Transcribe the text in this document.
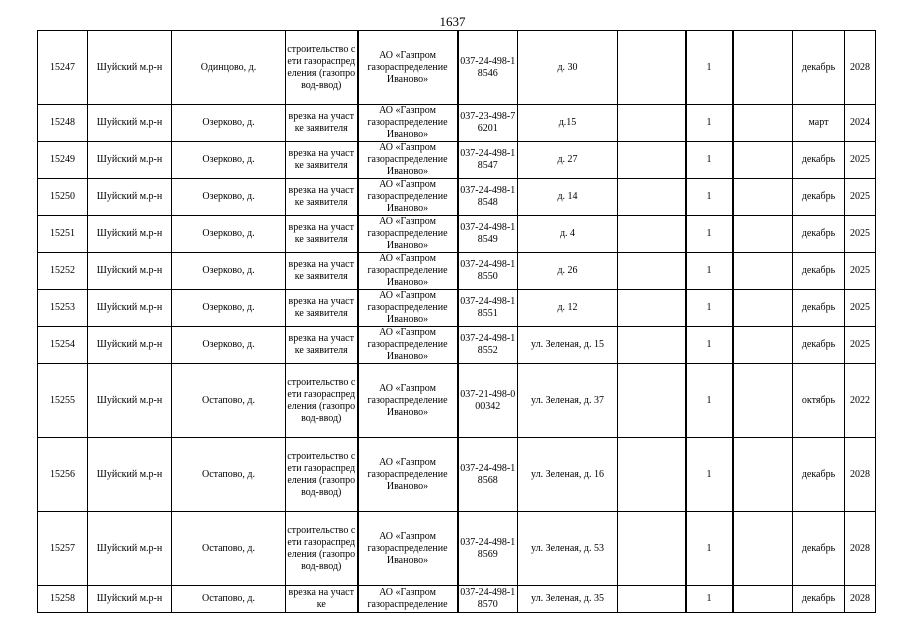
1637
15247	Шуйский м.р-н	Одинцово, д.	строительство сети газораспределения (газопровод-ввод)	АО «Газпром газораспределение Иваново»	037-24-498-18546	д. 30		1		декабрь	2028
15248	Шуйский м.р-н	Озерково, д.	врезка на участке заявителя	АО «Газпром газораспределение Иваново»	037-23-498-76201	д.15		1		март	2024
15249	Шуйский м.р-н	Озерково, д.	врезка на участке заявителя	АО «Газпром газораспределение Иваново»	037-24-498-18547	д. 27		1		декабрь	2025
15250	Шуйский м.р-н	Озерково, д.	врезка на участке заявителя	АО «Газпром газораспределение Иваново»	037-24-498-18548	д. 14		1		декабрь	2025
15251	Шуйский м.р-н	Озерково, д.	врезка на участке заявителя	АО «Газпром газораспределение Иваново»	037-24-498-18549	д. 4		1		декабрь	2025
15252	Шуйский м.р-н	Озерково, д.	врезка на участке заявителя	АО «Газпром газораспределение Иваново»	037-24-498-18550	д. 26		1		декабрь	2025
15253	Шуйский м.р-н	Озерково, д.	врезка на участке заявителя	АО «Газпром газораспределение Иваново»	037-24-498-18551	д. 12		1		декабрь	2025
15254	Шуйский м.р-н	Озерково, д.	врезка на участке заявителя	АО «Газпром газораспределение Иваново»	037-24-498-18552	ул. Зеленая, д. 15		1		декабрь	2025
15255	Шуйский м.р-н	Остапово, д.	строительство сети газораспределения (газопровод-ввод)	АО «Газпром газораспределение Иваново»	037-21-498-000342	ул. Зеленая, д. 37		1		октябрь	2022
15256	Шуйский м.р-н	Остапово, д.	строительство сети газораспределения (газопровод-ввод)	АО «Газпром газораспределение Иваново»	037-24-498-18568	ул. Зеленая, д. 16		1		декабрь	2028
15257	Шуйский м.р-н	Остапово, д.	строительство сети газораспределения (газопровод-ввод)	АО «Газпром газораспределение Иваново»	037-24-498-18569	ул. Зеленая, д. 53		1		декабрь	2028
15258	Шуйский м.р-н	Остапово, д.	врезка на участке	АО «Газпром газораспределение	037-24-498-18570	ул. Зеленая, д. 35		1		декабрь	2028
